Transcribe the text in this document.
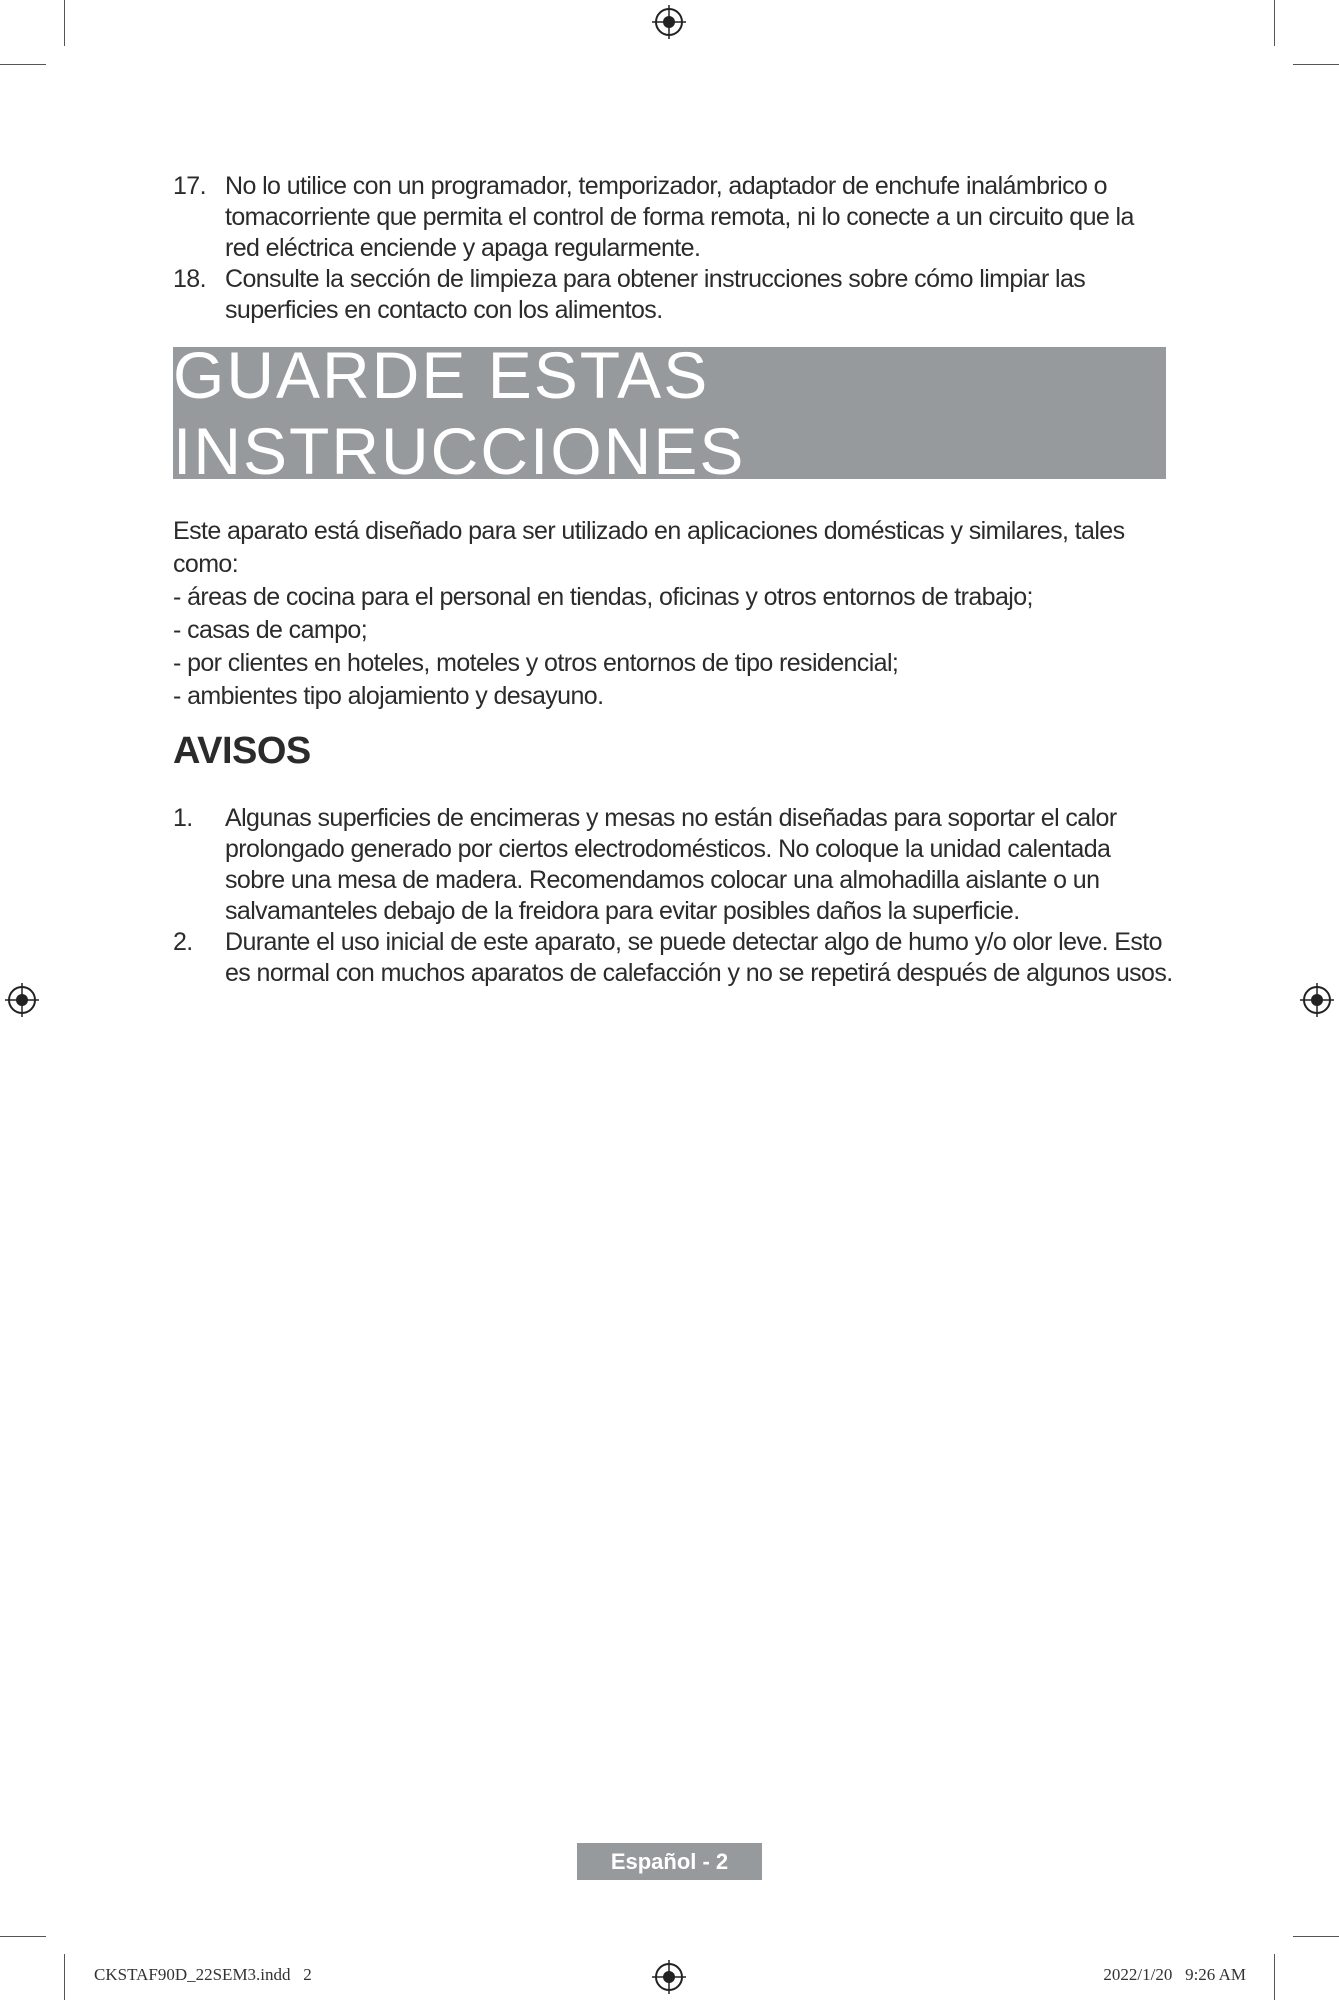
17. No lo utilice con un programador, temporizador, adaptador de enchufe inalámbrico o tomacorriente que permita el control de forma remota, ni lo conecte a un circuito que la red eléctrica enciende y apaga regularmente.
18. Consulte la sección de limpieza para obtener instrucciones sobre cómo limpiar las superficies en contacto con los alimentos.
GUARDE ESTAS INSTRUCCIONES

Este aparato está diseñado para ser utilizado en aplicaciones domésticas y similares, tales como:

- áreas de cocina para el personal en tiendas, oficinas y otros entornos de trabajo;

- casas de campo;

- por clientes en hoteles, moteles y otros entornos de tipo residencial;

- ambientes tipo alojamiento y desayuno.

AVISOS
1. Algunas superficies de encimeras y mesas no están diseñadas para soportar el calor prolongado generado por ciertos electrodomésticos. No coloque la unidad calentada sobre una mesa de madera. Recomendamos colocar una almohadilla aislante o un salvamanteles debajo de la freidora para evitar posibles daños la superficie.
2. Durante el uso inicial de este aparato, se puede detectar algo de humo y/o olor leve. Esto es normal con muchos aparatos de calefacción y no se repetirá después de algunos usos.
Español - 2
CKSTAF90D_22SEM3.indd   2	2022/1/20   9:26 AM
